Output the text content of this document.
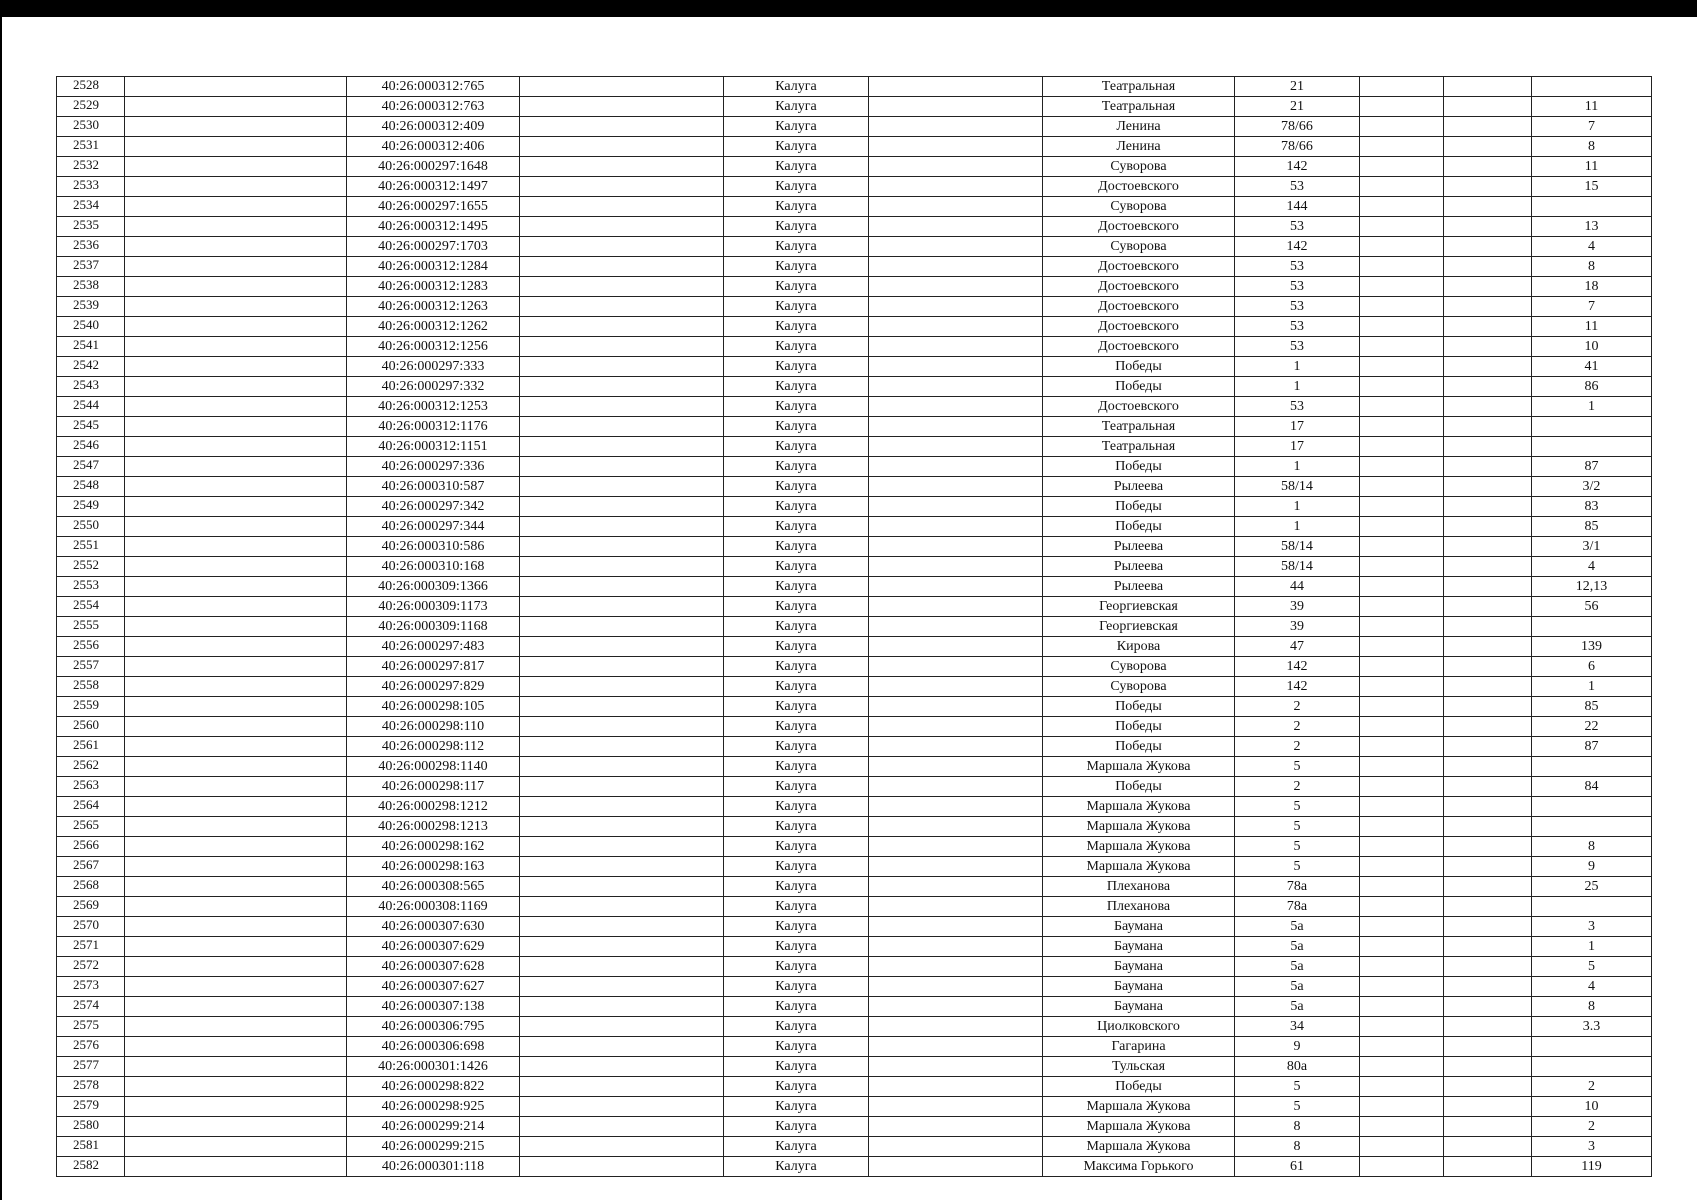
2528		40:26:000312:765		Калуга		Театральная	21			
2529		40:26:000312:763		Калуга		Театральная	21			11
2530		40:26:000312:409		Калуга		Ленина	78/66			7
2531		40:26:000312:406		Калуга		Ленина	78/66			8
2532		40:26:000297:1648		Калуга		Суворова	142			11
2533		40:26:000312:1497		Калуга		Достоевского	53			15
2534		40:26:000297:1655		Калуга		Суворова	144			
2535		40:26:000312:1495		Калуга		Достоевского	53			13
2536		40:26:000297:1703		Калуга		Суворова	142			4
2537		40:26:000312:1284		Калуга		Достоевского	53			8
2538		40:26:000312:1283		Калуга		Достоевского	53			18
2539		40:26:000312:1263		Калуга		Достоевского	53			7
2540		40:26:000312:1262		Калуга		Достоевского	53			11
2541		40:26:000312:1256		Калуга		Достоевского	53			10
2542		40:26:000297:333		Калуга		Победы	1			41
2543		40:26:000297:332		Калуга		Победы	1			86
2544		40:26:000312:1253		Калуга		Достоевского	53			1
2545		40:26:000312:1176		Калуга		Театральная	17			
2546		40:26:000312:1151		Калуга		Театральная	17			
2547		40:26:000297:336		Калуга		Победы	1			87
2548		40:26:000310:587		Калуга		Рылеева	58/14			3/2
2549		40:26:000297:342		Калуга		Победы	1			83
2550		40:26:000297:344		Калуга		Победы	1			85
2551		40:26:000310:586		Калуга		Рылеева	58/14			3/1
2552		40:26:000310:168		Калуга		Рылеева	58/14			4
2553		40:26:000309:1366		Калуга		Рылеева	44			12,13
2554		40:26:000309:1173		Калуга		Георгиевская	39			56
2555		40:26:000309:1168		Калуга		Георгиевская	39			
2556		40:26:000297:483		Калуга		Кирова	47			139
2557		40:26:000297:817		Калуга		Суворова	142			6
2558		40:26:000297:829		Калуга		Суворова	142			1
2559		40:26:000298:105		Калуга		Победы	2			85
2560		40:26:000298:110		Калуга		Победы	2			22
2561		40:26:000298:112		Калуга		Победы	2			87
2562		40:26:000298:1140		Калуга		Маршала Жукова	5			
2563		40:26:000298:117		Калуга		Победы	2			84
2564		40:26:000298:1212		Калуга		Маршала Жукова	5			
2565		40:26:000298:1213		Калуга		Маршала Жукова	5			
2566		40:26:000298:162		Калуга		Маршала Жукова	5			8
2567		40:26:000298:163		Калуга		Маршала Жукова	5			9
2568		40:26:000308:565		Калуга		Плеханова	78а			25
2569		40:26:000308:1169		Калуга		Плеханова	78а			
2570		40:26:000307:630		Калуга		Баумана	5а			3
2571		40:26:000307:629		Калуга		Баумана	5а			1
2572		40:26:000307:628		Калуга		Баумана	5а			5
2573		40:26:000307:627		Калуга		Баумана	5а			4
2574		40:26:000307:138		Калуга		Баумана	5а			8
2575		40:26:000306:795		Калуга		Циолковского	34			3.3
2576		40:26:000306:698		Калуга		Гагарина	9			
2577		40:26:000301:1426		Калуга		Тульская	80а			
2578		40:26:000298:822		Калуга		Победы	5			2
2579		40:26:000298:925		Калуга		Маршала Жукова	5			10
2580		40:26:000299:214		Калуга		Маршала Жукова	8			2
2581		40:26:000299:215		Калуга		Маршала Жукова	8			3
2582		40:26:000301:118		Калуга		Максима Горького	61			119
